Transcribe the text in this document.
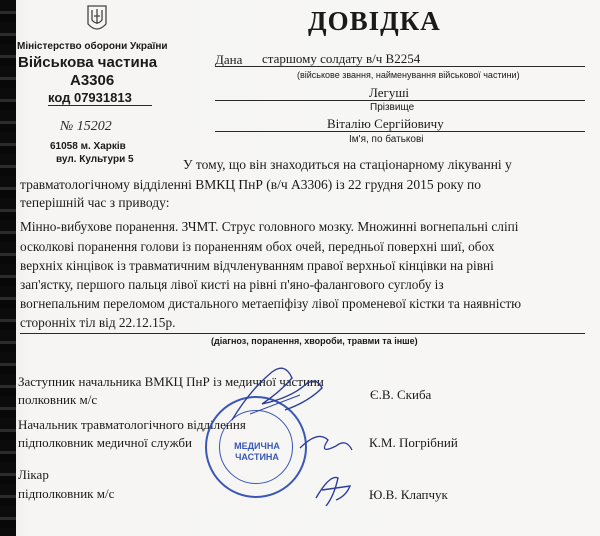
Міністерство оборони України
Військова частина
А3306
код 07931813
№ 15202
61058 м. Харків
вул. Культури 5
ДОВІДКА
Дана старшому солдату в/ч В2254
(військове звання, найменування військової частини)
Легуші
Прізвище
Віталію Сергійовичу
Ім'я, по батькові
У тому, що він знаходиться на стаціонарному лікуванні у
травматологічному відділенні ВМКЦ ПнР (в/ч А3306) із 22 грудня 2015 року по
теперішній час з приводу:
Мінно-вибухове поранення. ЗЧМТ. Струс головного мозку. Множинні вогнепальні сліпі
осколкові поранення голови із пораненням обох очей, передньої поверхні шиї, обох
верхніх кінцівок із травматичним відчленуванням правої верхньої кінцівки на рівні
зап'ястку, першого пальця лівої кисті на рівні п'яно-фалангового суглобу із
вогнепальним переломом дистального метаепіфізу лівої променевої кістки та наявністю
сторонніх тіл від 22.12.15р.
(діагноз, поранення, хвороби, травми та інше)
Заступник начальника ВМКЦ ПнР із медичної частини
полковник м/с	Є.В. Скиба
Начальник травматологічного відділення
підполковник медичної служби	К.М. Погрібний
Лікар
підполковник м/с	Ю.В. Клапчук
МЕДИЧНА ЧАСТИНА
